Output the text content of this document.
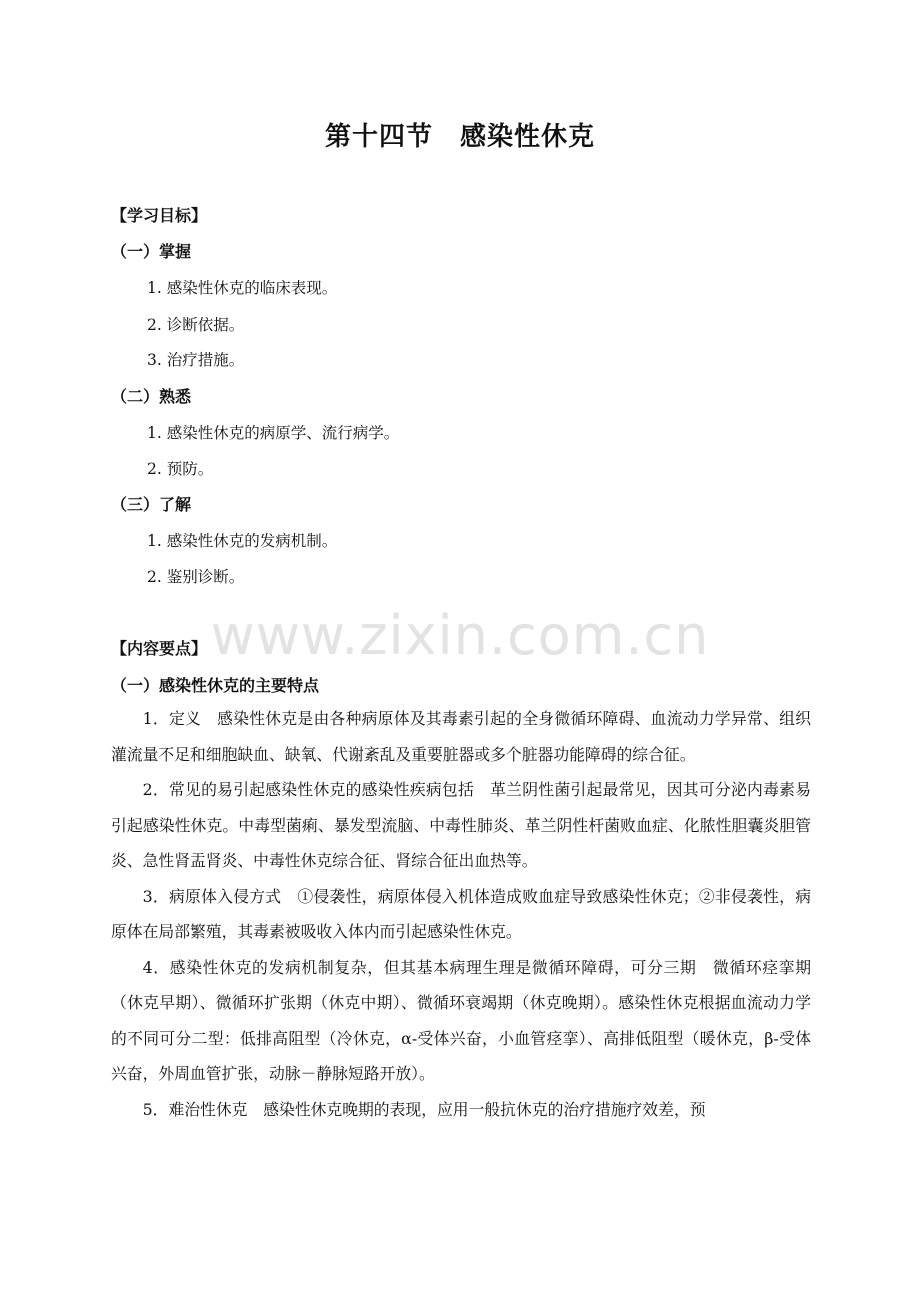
www.zixin.com.cn
第十四节　感染性休克
【学习目标】
（一）掌握
1. 感染性休克的临床表现。
2. 诊断依据。
3. 治疗措施。
（二）熟悉
1. 感染性休克的病原学、流行病学。
2. 预防。
（三）了解
1. 感染性休克的发病机制。
2. 鉴别诊断。
【内容要点】
（一）感染性休克的主要特点

1．定义　感染性休克是由各种病原体及其毒素引起的全身微循环障碍、血流动力学异常、组织灌流量不足和细胞缺血、缺氧、代谢紊乱及重要脏器或多个脏器功能障碍的综合征。

2．常见的易引起感染性休克的感染性疾病包括　革兰阴性菌引起最常见，因其可分泌内毒素易引起感染性休克。中毒型菌痢、暴发型流脑、中毒性肺炎、革兰阴性杆菌败血症、化脓性胆囊炎胆管炎、急性肾盂肾炎、中毒性休克综合征、肾综合征出血热等。

3．病原体入侵方式　①侵袭性，病原体侵入机体造成败血症导致感染性休克；②非侵袭性，病原体在局部繁殖，其毒素被吸收入体内而引起感染性休克。

4．感染性休克的发病机制复杂，但其基本病理生理是微循环障碍，可分三期　微循环痉挛期（休克早期）、微循环扩张期（休克中期）、微循环衰竭期（休克晚期）。感染性休克根据血流动力学的不同可分二型：低排高阻型（冷休克，α-受体兴奋，小血管痉挛）、高排低阻型（暖休克，β-受体兴奋，外周血管扩张，动脉－静脉短路开放）。

5．难治性休克　感染性休克晚期的表现，应用一般抗休克的治疗措施疗效差，预
